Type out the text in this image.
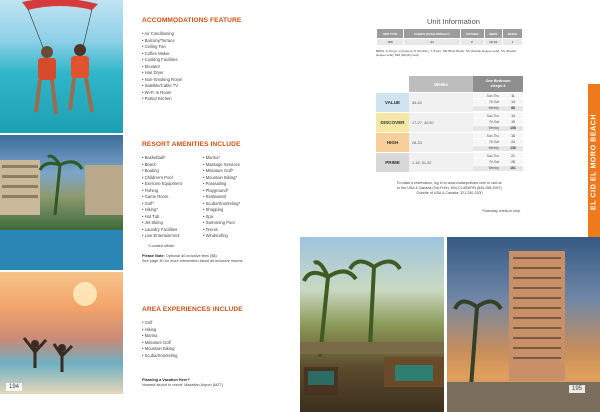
194
ACCOMMODATIONS FEATURE
• Air Conditioning
• Balcony/Terrace
• Ceiling Fan
• Coffee Maker
• Cooking Facilities
• Elevator
• Hair Dryer
• Non-Smoking Room
• Satellite/Cable TV
• Wi-Fi In Room
• Partial Kitchen
RESORT AMENITIES INCLUDE
• Basketball*
• Beach
• Boating
• Children's Pool
• Exercise Equipment
• Fishing
• Game Room
• Golf*
• Hiking*
• Hot Tub
• Jet Skiing
• Laundry Facilities
• Live Entertainment
• Marina*
• Massage Services
• Miniature Golf*
• Mountain Biking*
• Parasailing
• Playground*
• Restaurant
• Scuba/Snorkeling*
• Shopping
• Spa
• Swimming Pool
• Tennis
• Windsurfing
*Located offsite.
Please Note: Optional all-inclusive fees ($$)
See page 30 for more information about all-inclusive resorts.
AREA EXPERIENCES INCLUDE
• Golf
• Hiking
• Marina
• Miniature Golf
• Mountain Biking
• Scuba/Snorkeling
Planning a Vacation Here?
Nearest airport to resort: Mazatlán Airport (MZT)
Unit Information
UNIT TYPE	SLEEPS (TOTAL/PRIVACY)	KITCHEN	BEDS	BATHS
1BR	4/4	P	2D,SS	1
BEDS: K (King), Q (Queen), D (Double), T (Twin), SB (Bunk Beds), SS (Double sleeper sofa), SS (Double sleeper sofa), MM (Murphy bed)
Weeks
One Bedroom
sleeps 4
VALUE	35-43
Sun-Thu	11
Fri-Sat	14
Weekly	88
DISCOVER	17-27, 44-50
Sun-Thu	14
Fri-Sat	19
Weekly	108
HIGH	28-33
Sun-Thu	18
Fri-Sat	24
Weekly	136
PRIME	1-16, 51-52
Sun-Thu	21
Fri-Sat	28
Weekly	161
To make a reservation, log in to www.clubwyndham.com or call us:
In the USA & Canada (Toll-Free): 844-CLUBWYN (844-258-2997)
Outside of USA & Canada: 321-250-3200
*Saturday check-in only.
EL CID EL MORO BEACH
195
